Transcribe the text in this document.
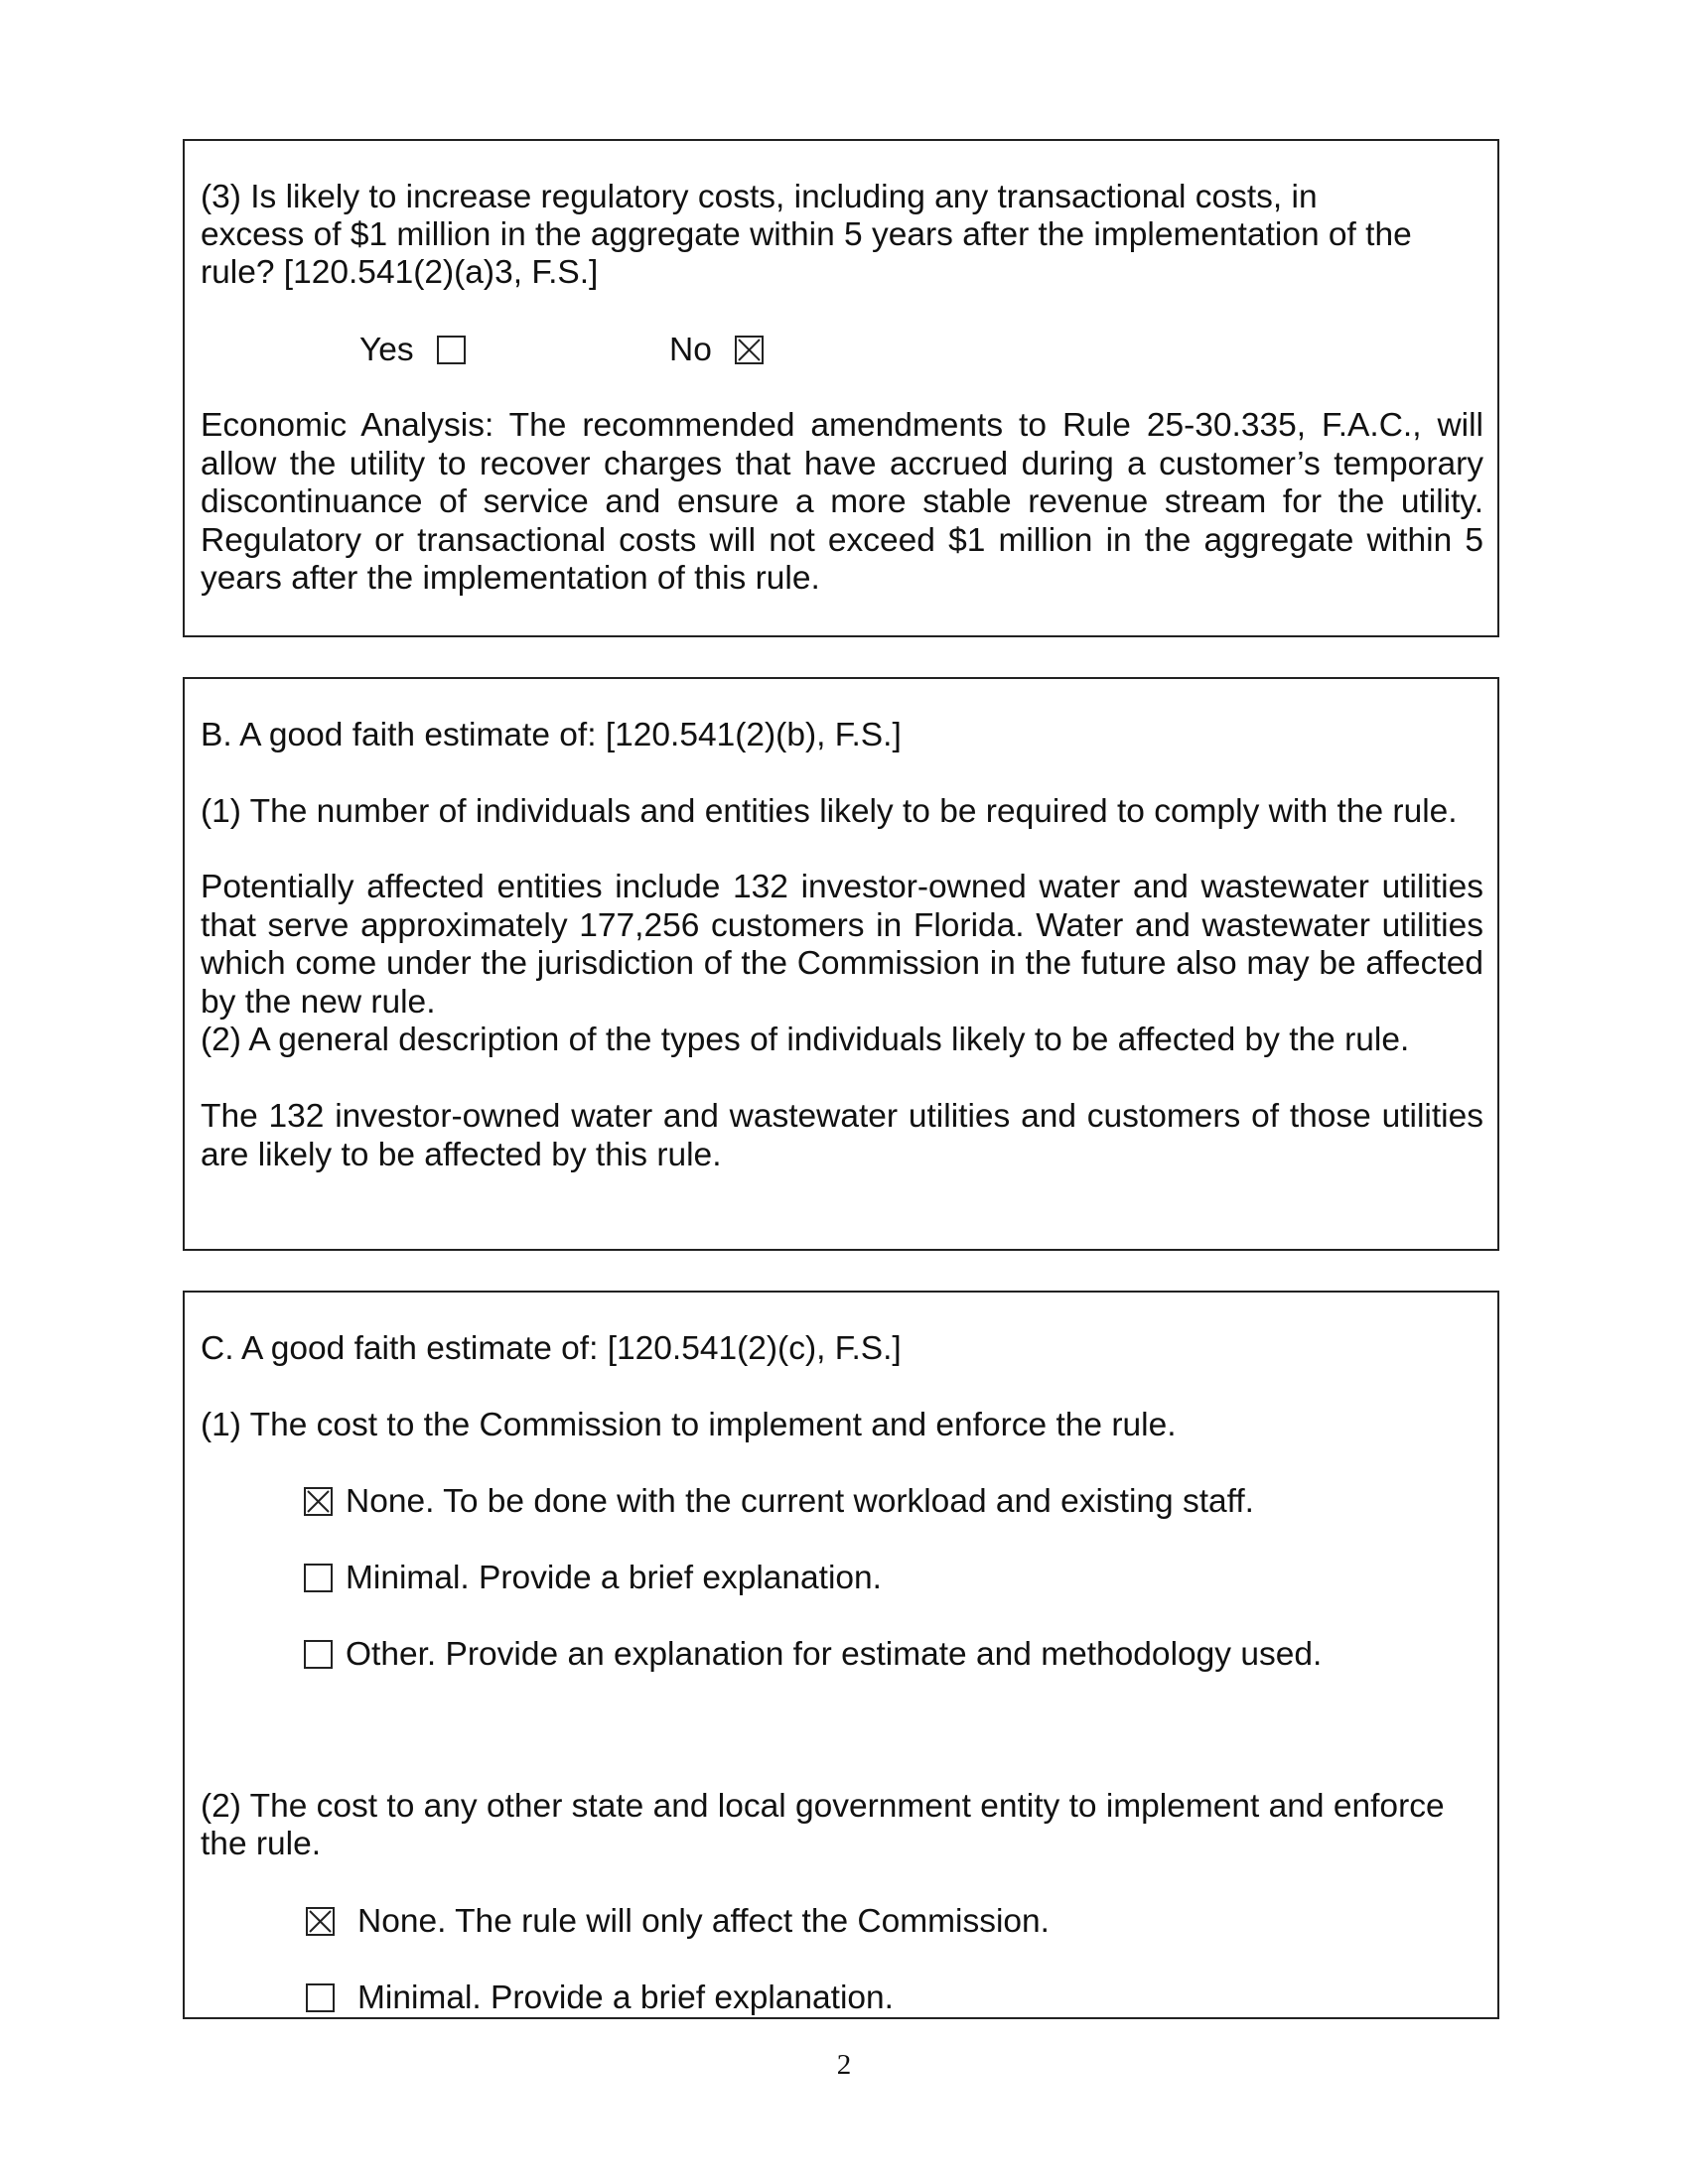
(3) Is likely to increase regulatory costs, including any transactional costs, in
excess of $1 million in the aggregate within 5 years after the implementation of the
rule? [120.541(2)(a)3, F.S.]
Yes	No
Economic Analysis: The recommended amendments to Rule 25-30.335, F.A.C., will allow the utility to recover charges that have accrued during a customer’s temporary discontinuance of service and ensure a more stable revenue stream for the utility. Regulatory or transactional costs will not exceed $1 million in the aggregate within 5 years after the implementation of this rule.
B. A good faith estimate of: [120.541(2)(b), F.S.]
(1) The number of individuals and entities likely to be required to comply with the rule.
Potentially affected entities include 132 investor-owned water and wastewater utilities that serve approximately 177,256 customers in Florida. Water and wastewater utilities which come under the jurisdiction of the Commission in the future also may be affected by the new rule.
(2) A general description of the types of individuals likely to be affected by the rule.
The 132 investor-owned water and wastewater utilities and customers of those utilities are likely to be affected by this rule.
C. A good faith estimate of: [120.541(2)(c), F.S.]
(1) The cost to the Commission to implement and enforce the rule.
None. To be done with the current workload and existing staff.
Minimal. Provide a brief explanation.
Other. Provide an explanation for estimate and methodology used.
(2) The cost to any other state and local government entity to implement and enforce
the rule.
None. The rule will only affect the Commission.
Minimal. Provide a brief explanation.
2
